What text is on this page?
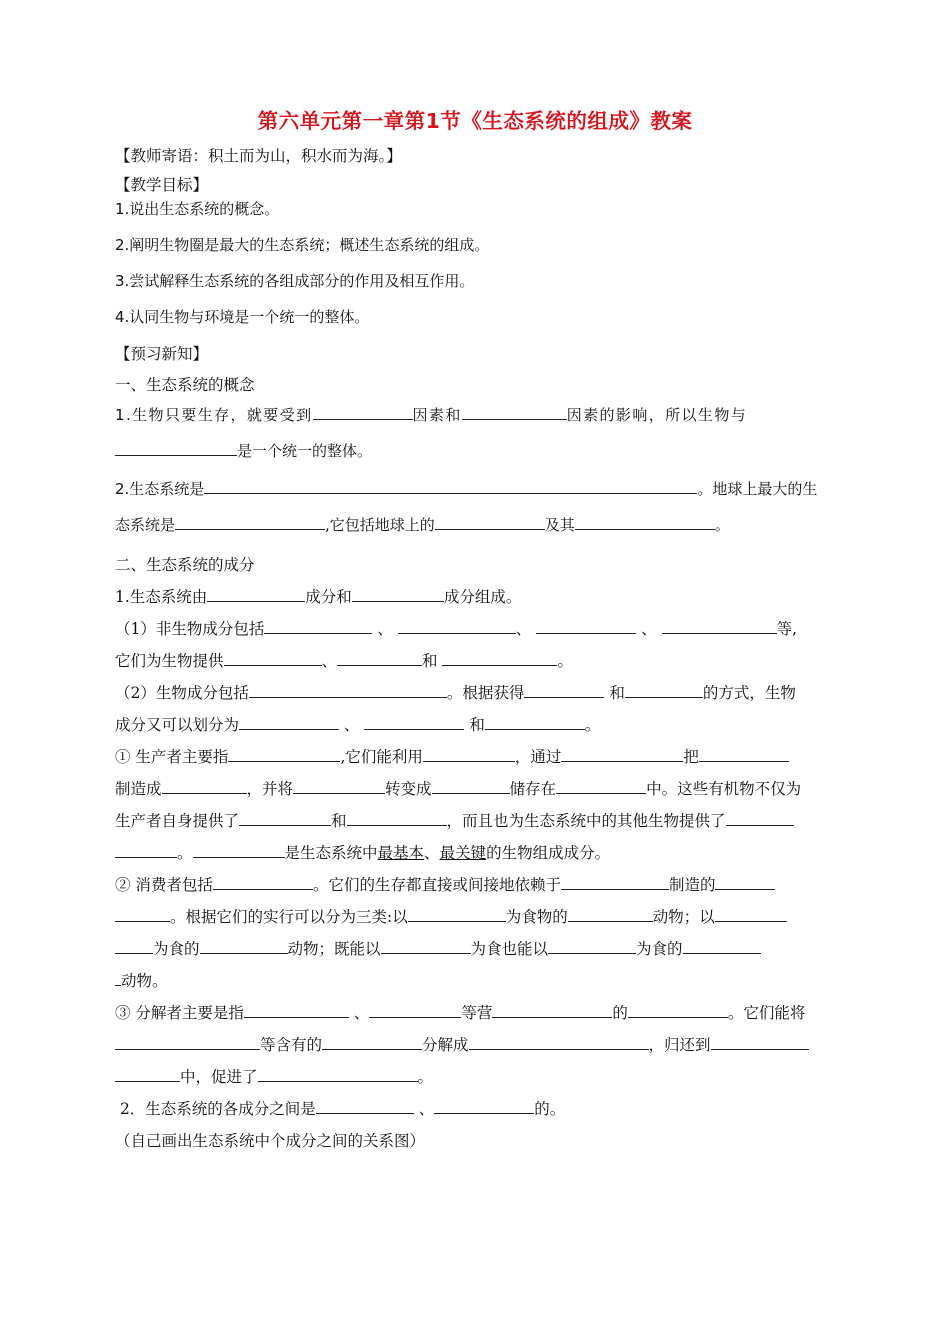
第六单元第一章第1节《生态系统的组成》教案
【教师寄语：积土而为山，积水而为海。】
【教学目标】
1.说出生态系统的概念。
2.阐明生物圈是最大的生态系统；概述生态系统的组成。
3.尝试解释生态系统的各组成部分的作用及相互作用。
4.认同生物与环境是一个统一的整体。
【预习新知】
一、生态系统的概念
1.生物只要生存，就要受到	因素和	因素的影响，所以生物与
是一个统一的整体。
2.生态系统是	。地球上最大的生
态系统是	,它包括地球上的	及其	。
二、生态系统的成分
1.生态系统由	成分和	成分组成。
（1）非生物成分包括	、	、	、	等,
它们为生物提供	、	和	。
（2）生物成分包括	。根据获得	和	的方式，生物
成分又可以划分为	、	和	。
① 生产者主要指	,它们能利用	，通过	把
制造成	，并将	转变成	储存在	中。这些有机物不仅为
生产者自身提供了	和	，而且也为生态系统中的其他生物提供了
。	是生态系统中最基本、最关键的生物组成成分。
② 消费者包括	。它们的生存都直接或间接地依赖于	制造的
。根据它们的实行可以分为三类:以	为食物的	动物；以
为食的	动物；既能以	为食也能以	为食的
动物。
③ 分解者主要是指	、	等营	的	。它们能将
等含有的	分解成	，归还到
中，促进了	。
2．生态系统的各成分之间是	、	的。
（自己画出生态系统中个成分之间的关系图）
